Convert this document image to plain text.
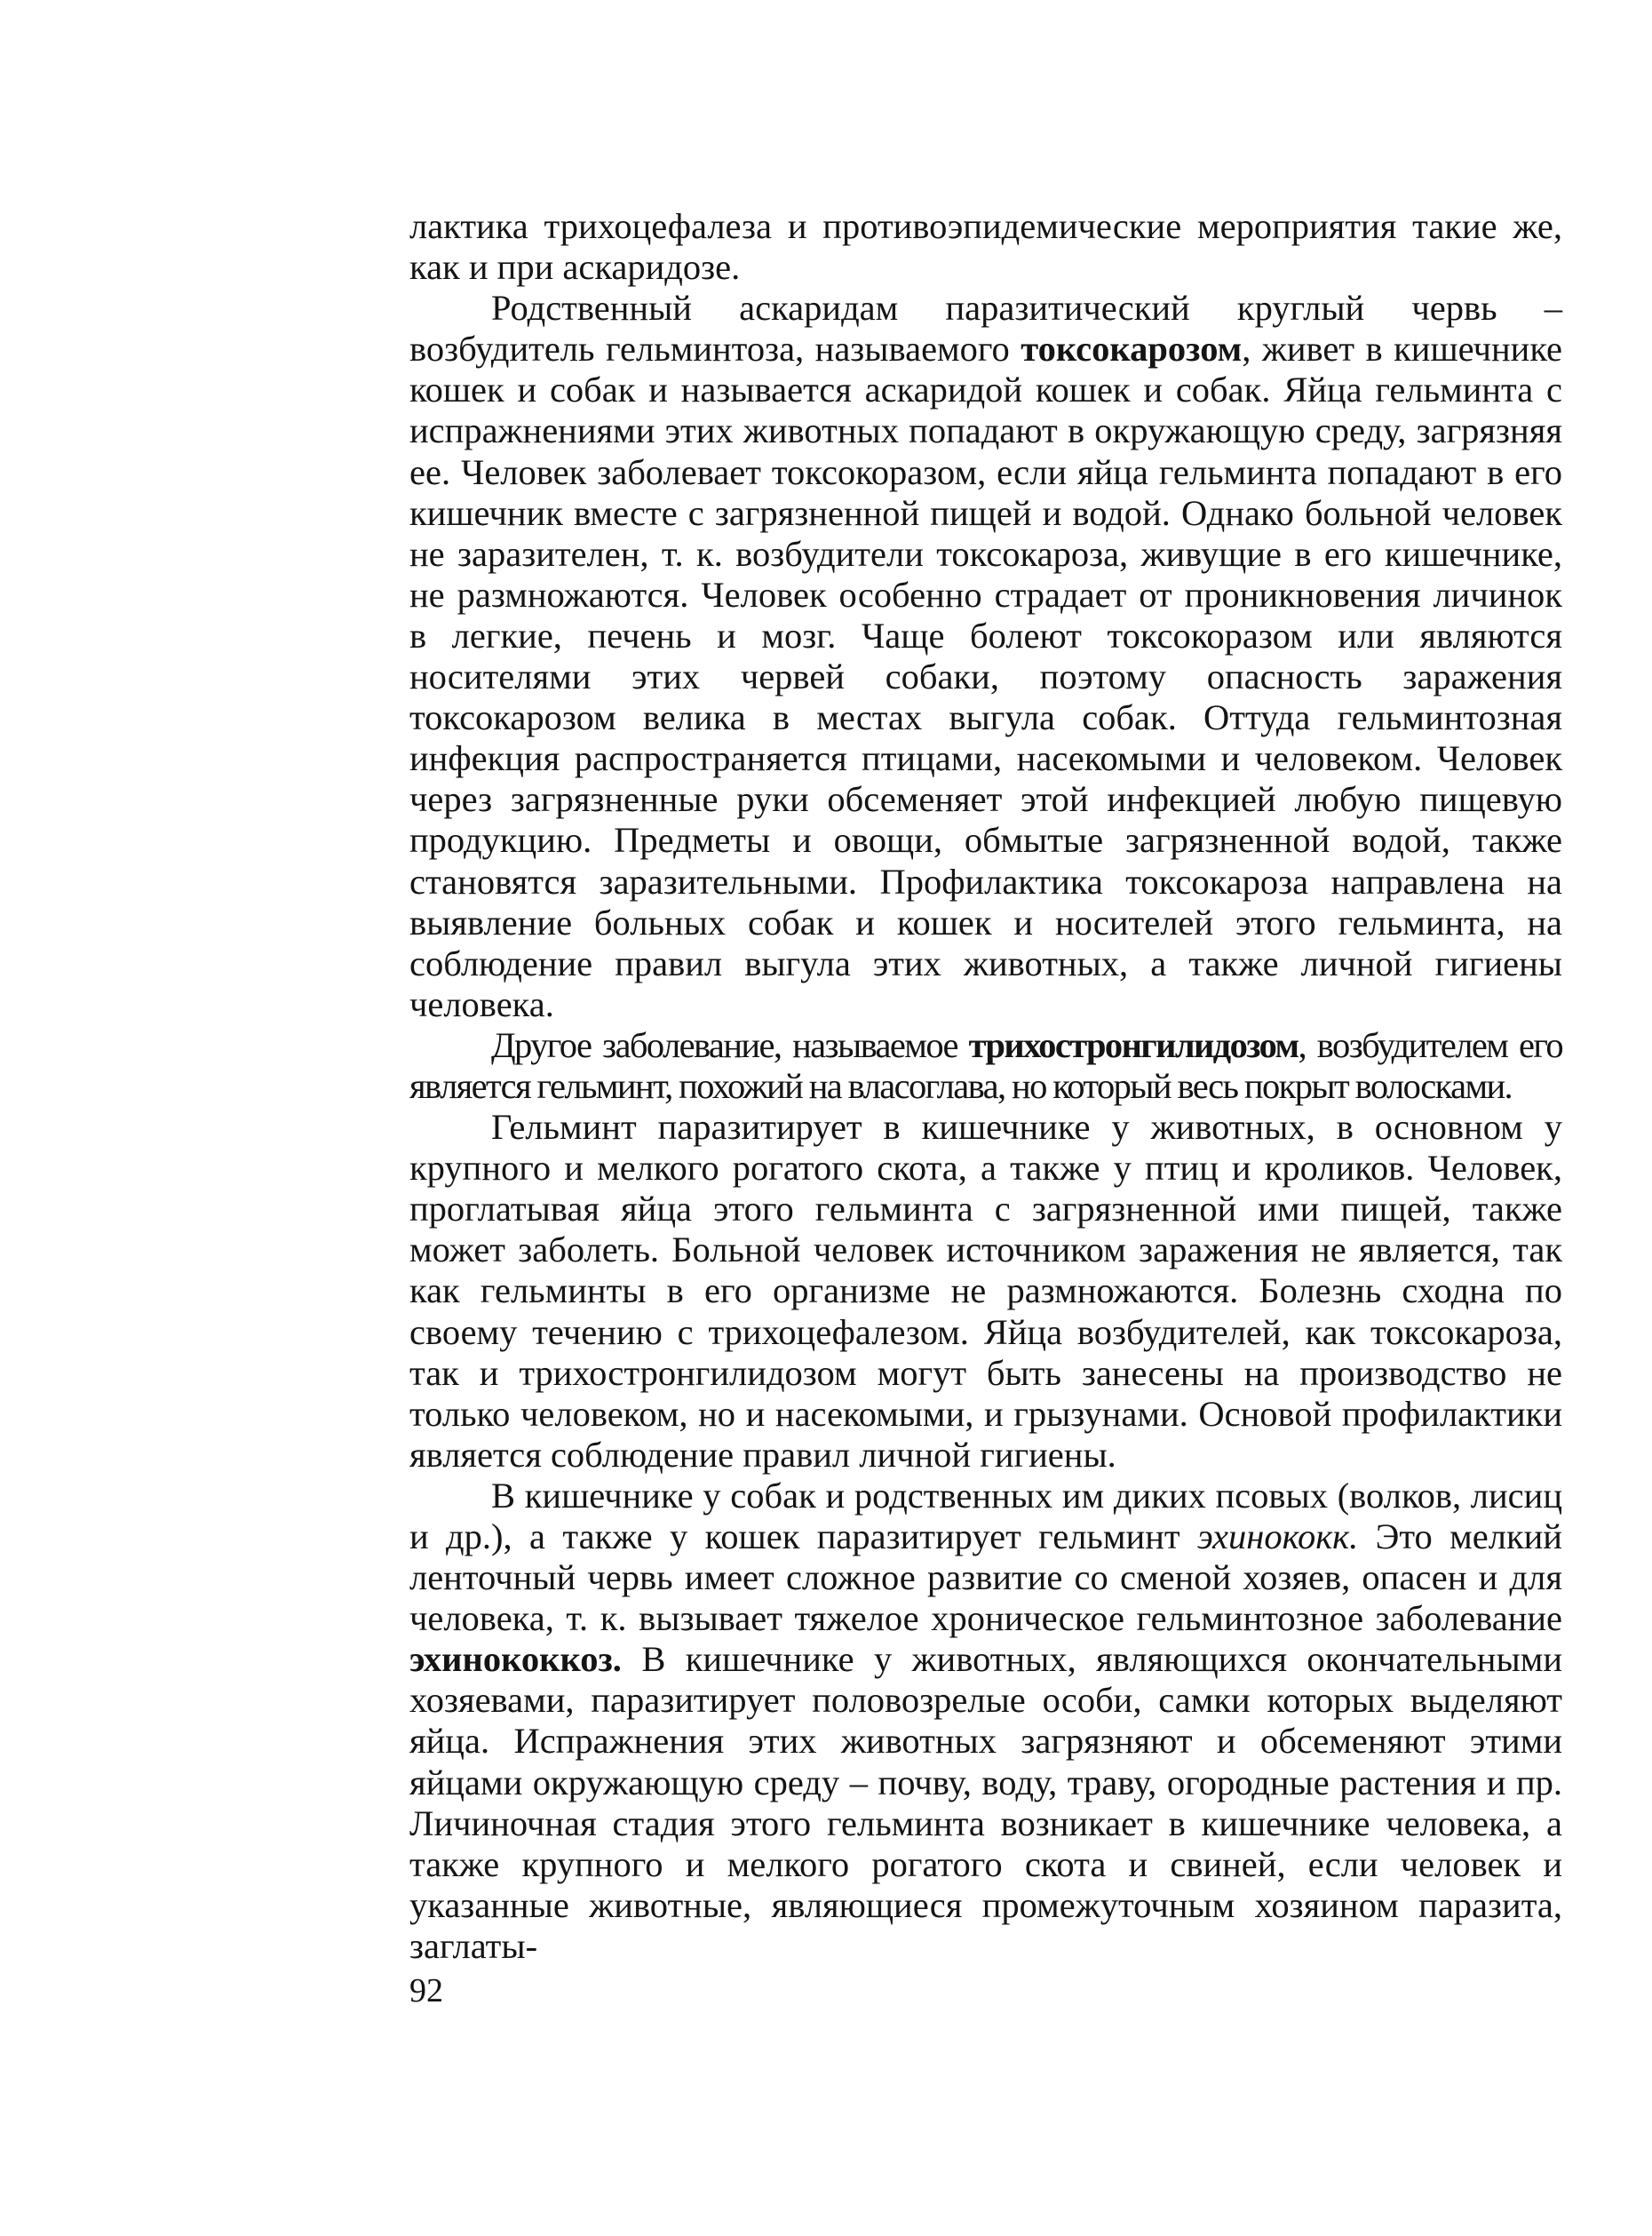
лактика трихоцефалеза и противоэпидемические мероприятия такие же, как и при аскаридозе.

Родственный аскаридам паразитический круглый червь – возбудитель гельминтоза, называемого токсокарозом, живет в кишечнике кошек и собак и называется аскаридой кошек и собак. Яйца гельминта с испражнениями этих животных попадают в окружающую среду, загрязняя ее. Человек заболевает токсокоразом, если яйца гельминта попадают в его кишечник вместе с загрязненной пищей и водой. Однако больной человек не заразителен, т. к. возбудители токсокароза, живущие в его кишечнике, не размножаются. Человек особенно страдает от проникновения личинок в легкие, печень и мозг. Чаще болеют токсокоразом или являются носителями этих червей собаки, поэтому опасность заражения токсокарозом велика в местах выгула собак. Оттуда гельминтозная инфекция распространяется птицами, насекомыми и человеком. Человек через загрязненные руки обсеменяет этой инфекцией любую пищевую продукцию. Предметы и овощи, обмытые загрязненной водой, также становятся заразительными. Профилактика токсокароза направлена на выявление больных собак и кошек и носителей этого гельминта, на соблюдение правил выгула этих животных, а также личной гигиены человека.

Другое заболевание, называемое трихостронгилидозом, возбудителем его является гельминт, похожий на власоглава, но который весь покрыт волосками.

Гельминт паразитирует в кишечнике у животных, в основном у крупного и мелкого рогатого скота, а также у птиц и кроликов. Человек, проглатывая яйца этого гельминта с загрязненной ими пищей, также может заболеть. Больной человек источником заражения не является, так как гельминты в его организме не размножаются. Болезнь сходна по своему течению с трихоцефалезом. Яйца возбудителей, как токсокароза, так и трихостронгилидозом могут быть занесены на производство не только человеком, но и насекомыми, и грызунами. Основой профилактики является соблюдение правил личной гигиены.

В кишечнике у собак и родственных им диких псовых (волков, лисиц и др.), а также у кошек паразитирует гельминт эхинококк. Это мелкий ленточный червь имеет сложное развитие со сменой хозяев, опасен и для человека, т. к. вызывает тяжелое хроническое гельминтозное заболевание эхинококкоз. В кишечнике у животных, являющихся окончательными хозяевами, паразитирует половозрелые особи, самки которых выделяют яйца. Испражнения этих животных загрязняют и обсеменяют этими яйцами окружающую среду – почву, воду, траву, огородные растения и пр. Личиночная стадия этого гельминта возникает в кишечнике человека, а также крупного и мелкого рогатого скота и свиней, если человек и указанные животные, являющиеся промежуточным хозяином паразита, заглаты-

92
